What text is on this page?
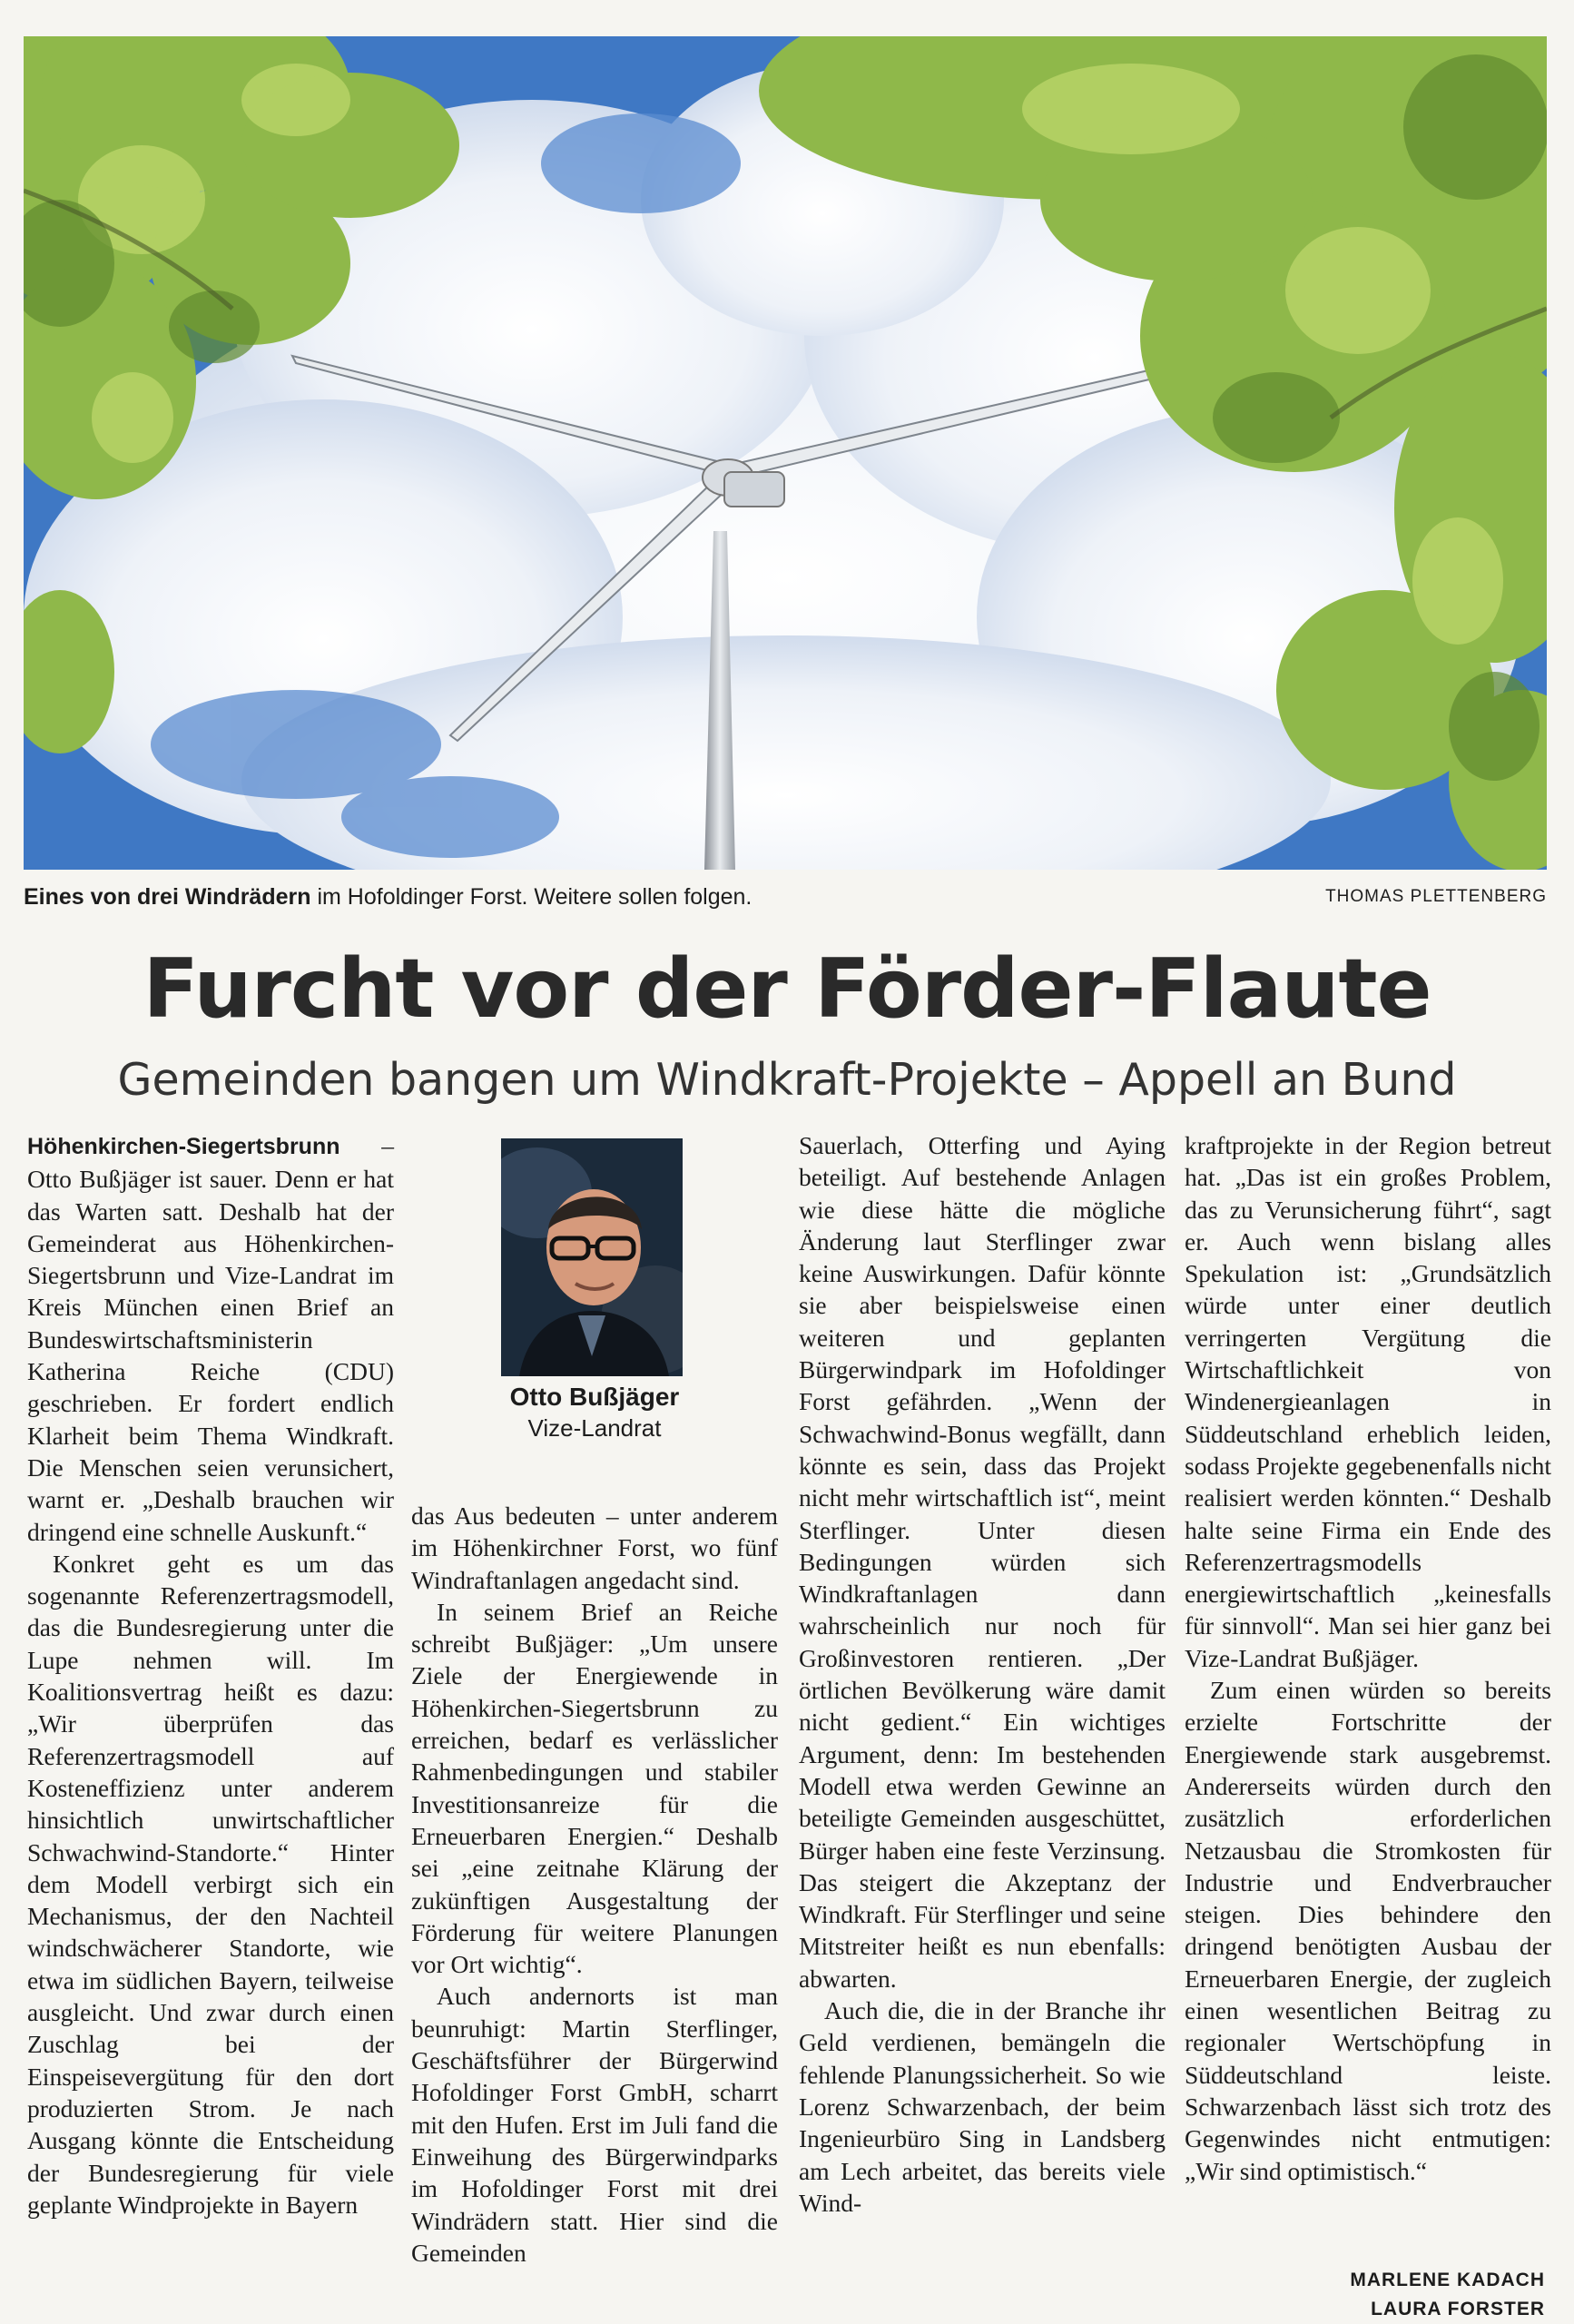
Eines von drei Windrädern im Hofoldinger Forst. Weitere sollen folgen.	THOMAS PLETTENBERG
Furcht vor der Förder-Flaute
Gemeinden bangen um Windkraft-Projekte – Appell an Bund

Höhenkirchen-Siegertsbrunn – Otto Bußjäger ist sauer. Denn er hat das Warten satt. Deshalb hat der Gemeinderat aus Höhenkirchen-Siegertsbrunn und Vize-Landrat im Kreis München einen Brief an Bundeswirtschaftsministerin Katherina Reiche (CDU) geschrieben. Er fordert endlich Klarheit beim Thema Windkraft. Die Menschen seien verunsichert, warnt er. „Deshalb brauchen wir dringend eine schnelle Auskunft.“

Konkret geht es um das sogenannte Referenzertragsmodell, das die Bundesregierung unter die Lupe nehmen will. Im Koalitionsvertrag heißt es dazu: „Wir überprüfen das Referenzertragsmodell auf Kosteneffizienz unter anderem hinsichtlich unwirtschaftlicher Schwachwind-Standorte.“ Hinter dem Modell verbirgt sich ein Mechanismus, der den Nachteil windschwächerer Standorte, wie etwa im südlichen Bayern, teilweise ausgleicht. Und zwar durch einen Zuschlag bei der Einspeisevergütung für den dort produzierten Strom. Je nach Ausgang könnte die Entscheidung der Bundesregierung für viele geplante Windprojekte in Bayern

Otto Bußjäger
Vize-Landrat

das Aus bedeuten – unter anderem im Höhenkirchner Forst, wo fünf Windraftanlagen angedacht sind.

In seinem Brief an Reiche schreibt Bußjäger: „Um unsere Ziele der Energiewende in Höhenkirchen-Siegertsbrunn zu erreichen, bedarf es verlässlicher Rahmenbedingungen und stabiler Investitionsanreize für die Erneuerbaren Energien.“ Deshalb sei „eine zeitnahe Klärung der zukünftigen Ausgestaltung der Förderung für weitere Planungen vor Ort wichtig“.

Auch andernorts ist man beunruhigt: Martin Sterflinger, Geschäftsführer der Bürgerwind Hofoldinger Forst GmbH, scharrt mit den Hufen. Erst im Juli fand die Einweihung des Bürgerwindparks im Hofoldinger Forst mit drei Windrädern statt. Hier sind die Gemeinden

Sauerlach, Otterfing und Aying beteiligt. Auf bestehende Anlagen wie diese hätte die mögliche Änderung laut Sterflinger zwar keine Auswirkungen. Dafür könnte sie aber beispielsweise einen weiteren und geplanten Bürgerwindpark im Hofoldinger Forst gefährden. „Wenn der Schwachwind-Bonus wegfällt, dann könnte es sein, dass das Projekt nicht mehr wirtschaftlich ist“, meint Sterflinger. Unter diesen Bedingungen würden sich Windkraftanlagen dann wahrscheinlich nur noch für Großinvestoren rentieren. „Der örtlichen Bevölkerung wäre damit nicht gedient.“ Ein wichtiges Argument, denn: Im bestehenden Modell etwa werden Gewinne an beteiligte Gemeinden ausgeschüttet, Bürger haben eine feste Verzinsung. Das steigert die Akzeptanz der Windkraft. Für Sterflinger und seine Mitstreiter heißt es nun ebenfalls: abwarten.

Auch die, die in der Branche ihr Geld verdienen, bemängeln die fehlende Planungssicherheit. So wie Lorenz Schwarzenbach, der beim Ingenieurbüro Sing in Landsberg am Lech arbeitet, das bereits viele Wind-

kraftprojekte in der Region betreut hat. „Das ist ein großes Problem, das zu Verunsicherung führt“, sagt er. Auch wenn bislang alles Spekulation ist: „Grundsätzlich würde unter einer deutlich verringerten Vergütung die Wirtschaftlichkeit von Windenergieanlagen in Süddeutschland erheblich leiden, sodass Projekte gegebenenfalls nicht realisiert werden könnten.“ Deshalb halte seine Firma ein Ende des Referenzertragsmodells energiewirtschaftlich „keinesfalls für sinnvoll“. Man sei hier ganz bei Vize-Landrat Bußjäger.

Zum einen würden so bereits erzielte Fortschritte der Energiewende stark ausgebremst. Andererseits würden durch den zusätzlich erforderlichen Netzausbau die Stromkosten für Industrie und Endverbraucher steigen. Dies behindere den dringend benötigten Ausbau der Erneuerbaren Energie, der zugleich einen wesentlichen Beitrag zu regionaler Wertschöpfung in Süddeutschland leiste. Schwarzenbach lässt sich trotz des Gegenwindes nicht entmutigen: „Wir sind optimistisch.“

MARLENE KADACH
LAURA FORSTER
